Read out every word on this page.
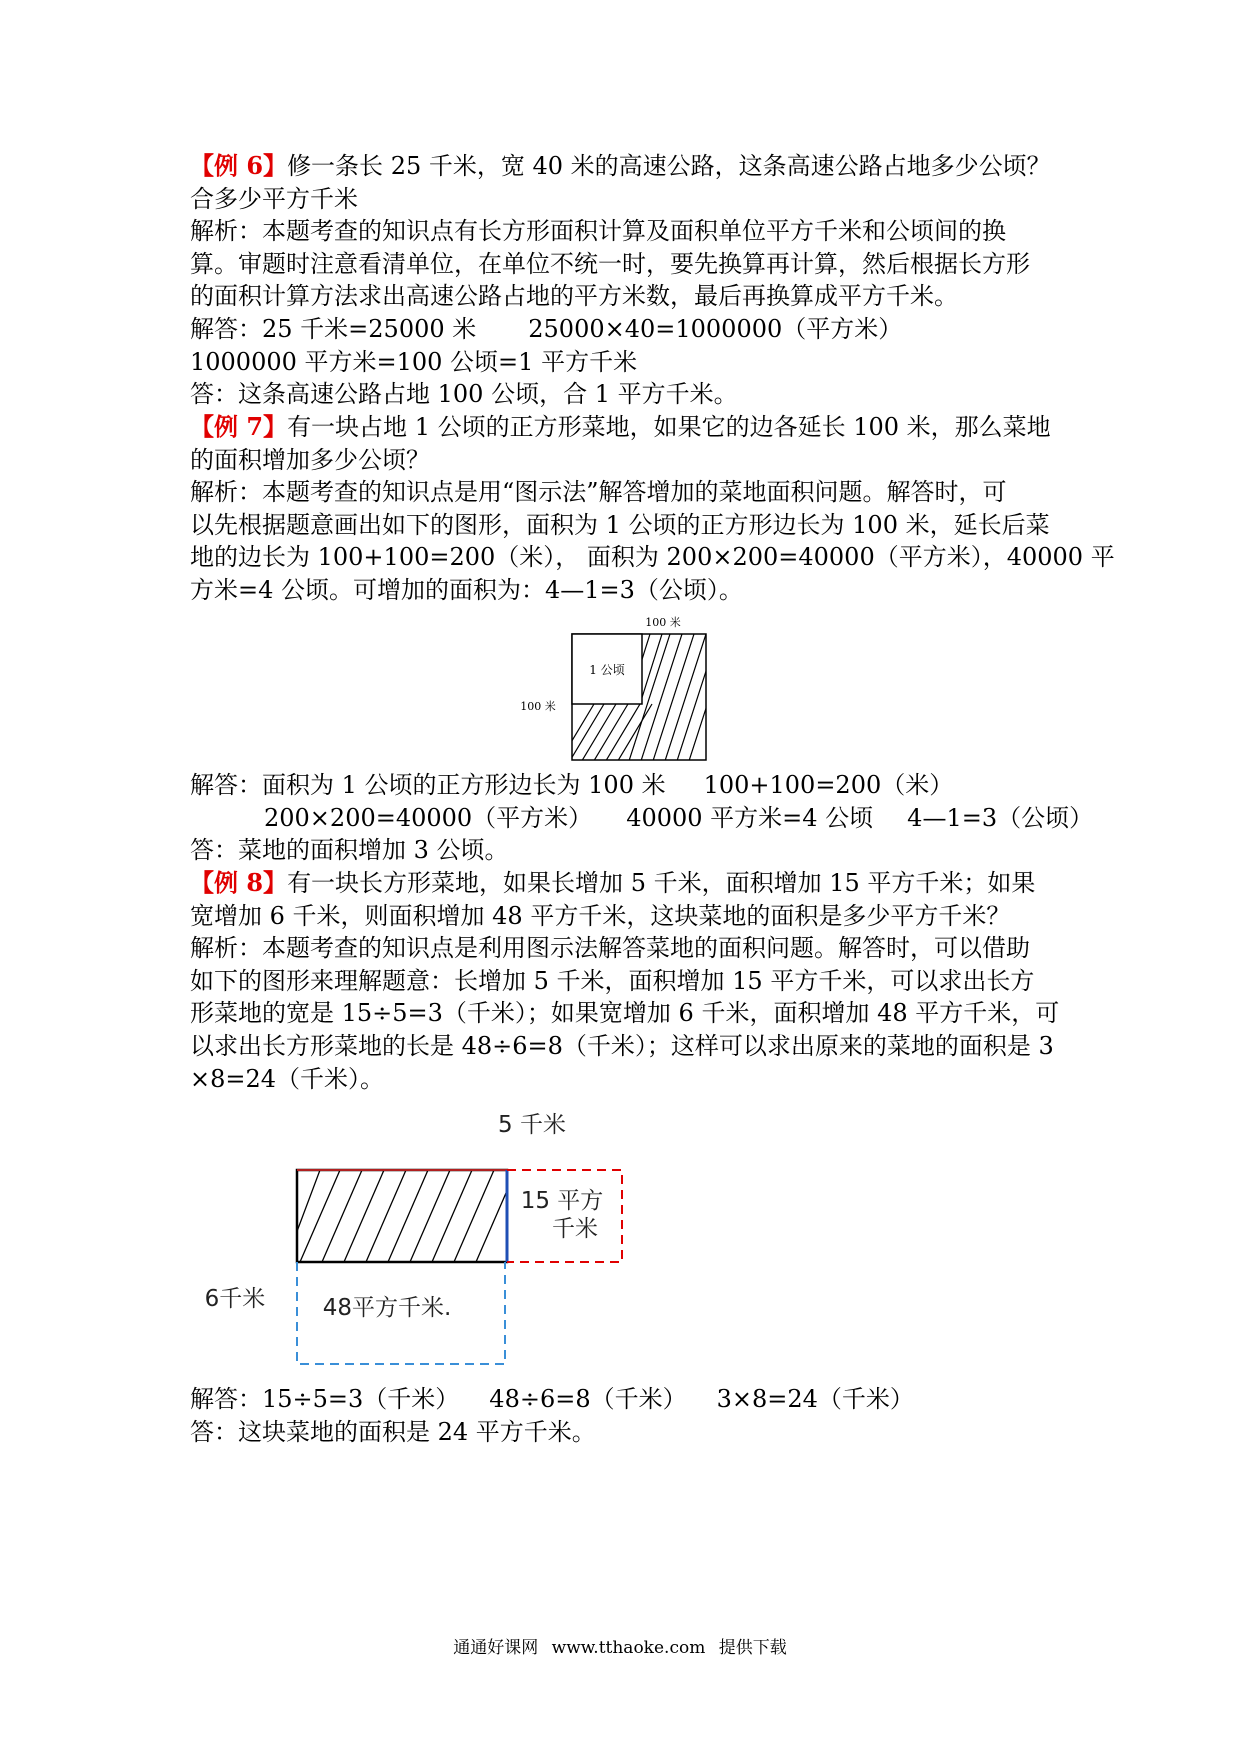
【例 6】修一条长 25 千米，宽 40 米的高速公路，这条高速公路占地多少公顷？
合多少平方千米
解析：本题考查的知识点有长方形面积计算及面积单位平方千米和公顷间的换
算。审题时注意看清单位，在单位不统一时，要先换算再计算，然后根据长方形
的面积计算方法求出高速公路占地的平方米数，最后再换算成平方千米。
解答：25 千米=25000 米 25000×40=1000000（平方米）
1000000 平方米=100 公顷=1 平方千米
答：这条高速公路占地 100 公顷，合 1 平方千米。
【例 7】有一块占地 1 公顷的正方形菜地，如果它的边各延长 100 米，那么菜地
的面积增加多少公顷？
解析：本题考查的知识点是用“图示法”解答增加的菜地面积问题。解答时，可
以先根据题意画出如下的图形，面积为 1 公顷的正方形边长为 100 米，延长后菜
地的边长为 100+100=200（米）， 面积为 200×200=40000（平方米），40000 平
方米=4 公顷。可增加的面积为：4—1=3（公顷）。
100 米
100 米
1 公顷
解答：面积为 1 公顷的正方形边长为 100 米 100+100=200（米）
200×200=40000（平方米） 40000 平方米=4 公顷 4—1=3（公顷）
答：菜地的面积增加 3 公顷。
【例 8】有一块长方形菜地，如果长增加 5 千米，面积增加 15 平方千米；如果
宽增加 6 千米，则面积增加 48 平方千米，这块菜地的面积是多少平方千米？
解析：本题考查的知识点是利用图示法解答菜地的面积问题。解答时，可以借助
如下的图形来理解题意：长增加 5 千米，面积增加 15 平方千米，可以求出长方
形菜地的宽是 15÷5=3（千米）；如果宽增加 6 千米，面积增加 48 平方千米，可
以求出长方形菜地的长是 48÷6=8（千米）；这样可以求出原来的菜地的面积是 3
×8=24（千米）。
5 千米
15 平方
千米
6千米 48平方千米.
解答：15÷5=3（千米） 48÷6=8（千米） 3×8=24（千米）
答：这块菜地的面积是 24 平方千米。
通通好课网 www.tthaoke.com 提供下载
